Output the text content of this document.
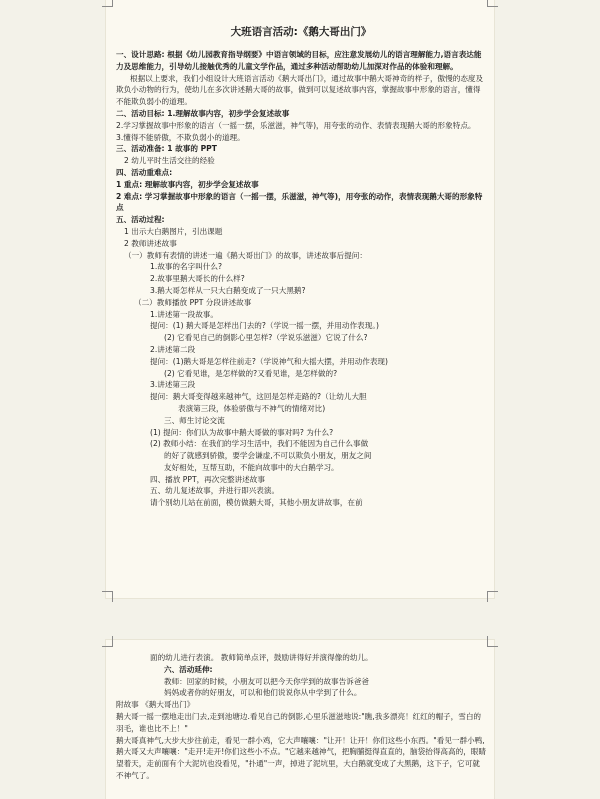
大班语言活动:《鹅大哥出门》

一、设计思路: 根据《幼儿园教育指导纲要》中语言领域的目标，应注意发展幼儿的语言理解能力,语言表达能力及思维能力，引导幼儿接触优秀的儿童文学作品，通过多种活动帮助幼儿加深对作品的体验和理解。

根据以上要求，我们小组设计大班语言活动《鹅大哥出门》，通过故事中鹅大哥神奇的样子，傲慢的态度及欺负小动物的行为，使幼儿在多次讲述鹅大哥的故事，做到可以复述故事内容，掌握故事中形象的语言，懂得不能欺负弱小的道理。

二、活动目标: 1.理解故事内容，初步学会复述故事

2.学习掌握故事中形象的语言（一摇一摆，乐滋滋，神气等)，用夸张的动作、表情表现鹅大哥的形象特点。

3.懂得不能骄傲，不欺负弱小的道理。

三、活动准备: 1 故事的 PPT

2 幼儿平时生活交往的经验

四、活动重难点:

1 重点: 理解故事内容，初步学会复述故事

2 难点: 学习掌握故事中形象的语言（一摇一摆，乐滋滋，神气等)，用夸张的动作，表情表现鹅大哥的形象特点

五、活动过程:

1 出示大白鹅图片，引出课题

2 教师讲述故事

（一）教师有表情的讲述一遍《鹅大哥出门》的故事，讲述故事后提问：

1.故事的名字叫什么?

2.故事里鹅大哥长的什么样?

3.鹅大哥怎样从一只大白鹅变成了一只大黑鹅?

（二）教师播放 PPT 分段讲述故事

1.讲述第一段故事。

提问：(1) 鹅大哥是怎样出门去的?（学说一摇一摆，并用动作表现。)

(2) 它看见自己的倒影心里怎样?（学说乐滋滋）它说了什么?

2.讲述第二段

提问：(1)鹅大哥是怎样往前走?（学说神气和大摇大摆，并用动作表现)

(2) 它看见谁，是怎样做的?又看见谁，是怎样做的?

3.讲述第三段

提问：鹅大哥变得越来越神气，这回是怎样走路的?（让幼儿大胆

表演第三段，体验骄傲与不神气的情绪对比)

三、师生讨论交流

(1) 提问：你们认为故事中鹅大哥做的事对吗? 为什么?

(2) 教师小结：在我们的学习生活中，我们不能因为自己什么事做

的好了就感到骄傲，要学会谦虚,不可以欺负小朋友，朋友之间

友好相处，互帮互助，不能向故事中的大白鹅学习。

四、播放 PPT，再次完整讲述故事

五、幼儿复述故事，并进行即兴表演。

请个别幼儿站在前面，模仿做鹅大哥，其他小朋友讲故事，在前

面的幼儿进行表演。 教师简单点评，鼓励讲得好并演得像的幼儿。

六、活动延伸:

教师：回家的时候，小朋友可以把今天你学到的故事告诉爸爸

妈妈或者你的好朋友，可以和他们说说你从中学到了什么。

附故事 《鹅大哥出门》

鹅大哥一摇一摆地走出门去,走到池塘边.看见自己的倒影,心里乐滋滋地说:"瞧,我多漂亮！红红的帽子，雪白的羽毛，谁也比不上！"

鹅大哥真神气,大步大步往前走，看见一群小鸡，它大声嚷嚷："让开！让开！你们这些小东西。"看见一群小鸭,鹅大哥又大声嚷嚷："走开!走开!你们这些小不点。"它越来越神气，把胸脯挺得直直的，脑袋抬得高高的，眼睛望着天，走前面有个大泥坑也没看见，"扑通"一声，掉进了泥坑里，大白鹅就变成了大黑鹅，这下子，它可就不神气了。
